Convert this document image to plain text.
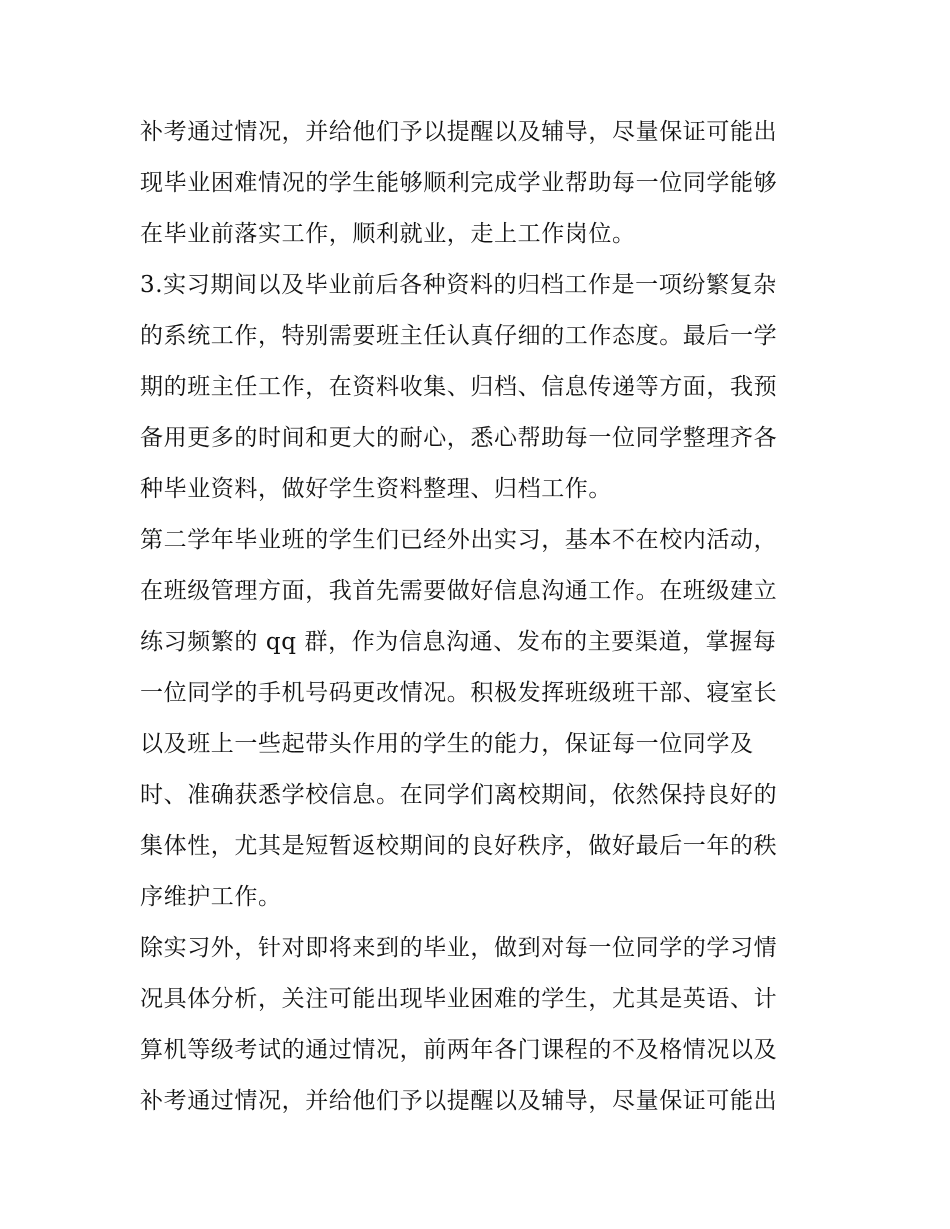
补考通过情况，并给他们予以提醒以及辅导，尽量保证可能出
现毕业困难情况的学生能够顺利完成学业帮助每一位同学能够
在毕业前落实工作，顺利就业，走上工作岗位。
3.实习期间以及毕业前后各种资料的归档工作是一项纷繁复杂
的系统工作，特别需要班主任认真仔细的工作态度。最后一学
期的班主任工作，在资料收集、归档、信息传递等方面，我预
备用更多的时间和更大的耐心，悉心帮助每一位同学整理齐各
种毕业资料，做好学生资料整理、归档工作。
第二学年毕业班的学生们已经外出实习，基本不在校内活动，
在班级管理方面，我首先需要做好信息沟通工作。在班级建立
练习频繁的 qq 群，作为信息沟通、发布的主要渠道，掌握每
一位同学的手机号码更改情况。积极发挥班级班干部、寝室长
以及班上一些起带头作用的学生的能力，保证每一位同学及
时、准确获悉学校信息。在同学们离校期间，依然保持良好的
集体性，尤其是短暂返校期间的良好秩序，做好最后一年的秩
序维护工作。
除实习外，针对即将来到的毕业，做到对每一位同学的学习情
况具体分析，关注可能出现毕业困难的学生，尤其是英语、计
算机等级考试的通过情况，前两年各门课程的不及格情况以及
补考通过情况，并给他们予以提醒以及辅导，尽量保证可能出
